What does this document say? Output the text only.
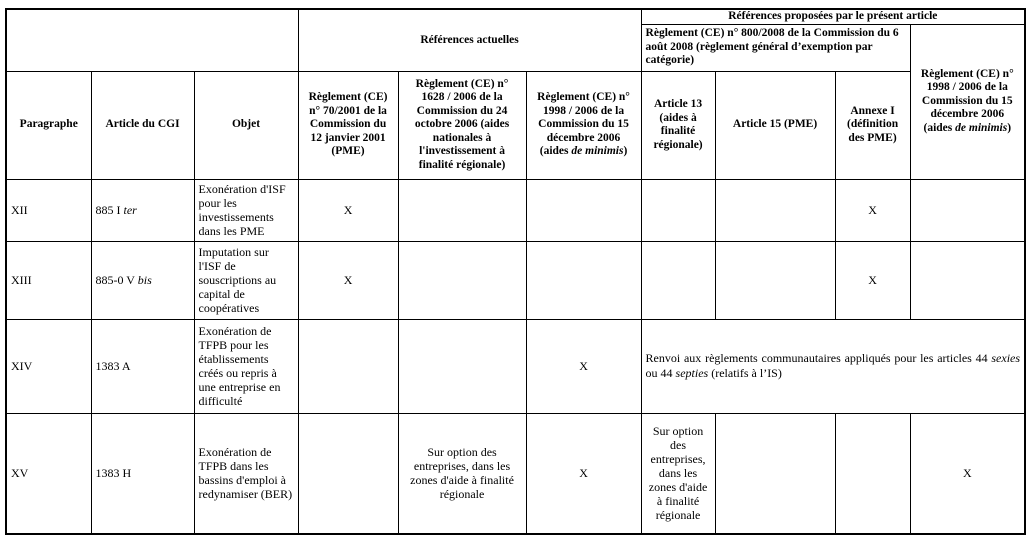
			Références actuelles			Références proposées par le présent article			
						Règlement (CE) n° 800/2008 de la Commission du 6 août 2008 (règlement général d’exemption par catégorie)			Règlement (CE) n° 1998 / 2006 de la Commission du 15 décembre 2006 (aides de minimis)
Paragraphe	Article du CGI	Objet	Règlement (CE) n° 70/2001 de la Commission du 12 janvier 2001 (PME)	Règlement (CE) n° 1628 / 2006 de la Commission du 24 octobre 2006 (aides nationales à l'investissement à finalité régionale)	Règlement (CE) n° 1998 / 2006 de la Commission du 15 décembre 2006 (aides de minimis)	Article 13 (aides à finalité régionale)	Article 15 (PME)	Annexe I (définition des PME)	
XII	885 I ter	Exonération d'ISF pour les investissements dans les PME	X					X	
XIII	885-0 V bis	Imputation sur l'ISF de souscriptions au capital de coopératives	X					X	
XIV	1383 A	Exonération de TFPB pour les établissements créés ou repris à une entreprise en difficulté			X	Renvoi aux règlements communautaires appliqués pour les articles 44 sexies ou 44 septies (relatifs à l’IS)			
XV	1383 H	Exonération de TFPB dans les bassins d'emploi à redynamiser (BER)		Sur option des entreprises, dans les zones d'aide à finalité régionale	X	Sur option des entreprises, dans les zones d'aide à finalité régionale			X
